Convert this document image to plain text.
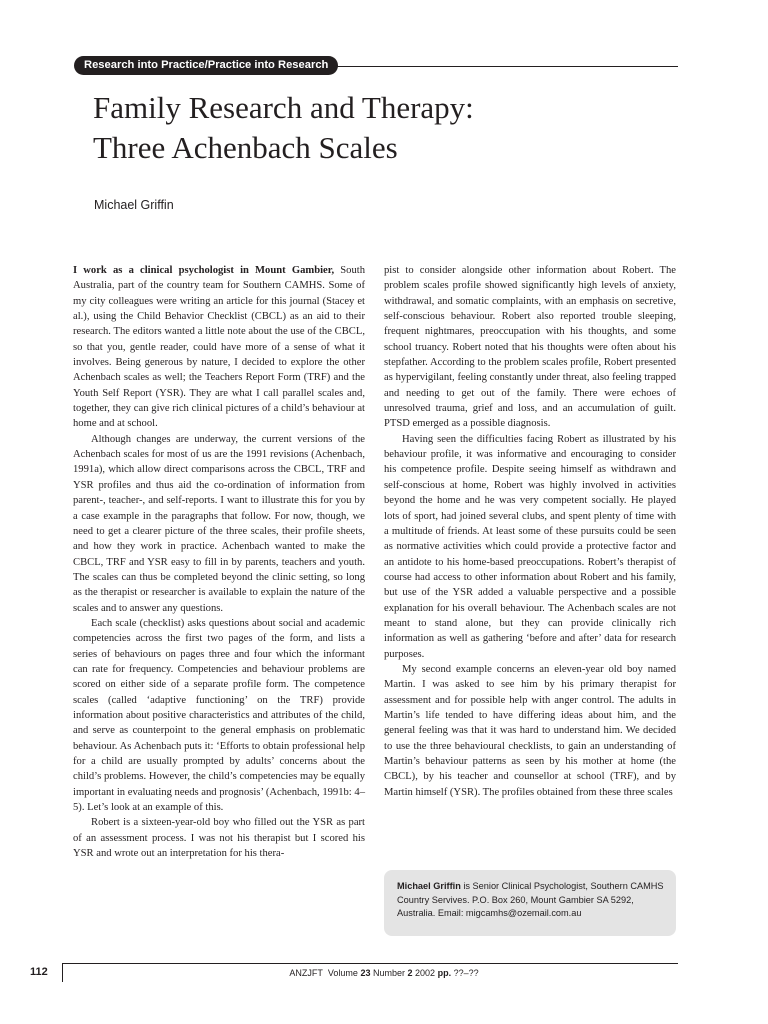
Research into Practice/Practice into Research
Family Research and Therapy:
Three Achenbach Scales
Michael Griffin

I work as a clinical psychologist in Mount Gambier, South Australia, part of the country team for Southern CAMHS. Some of my city colleagues were writing an article for this journal (Stacey et al.), using the Child Behavior Checklist (CBCL) as an aid to their research. The editors wanted a little note about the use of the CBCL, so that you, gentle reader, could have more of a sense of what it involves. Being generous by nature, I decided to explore the other Achenbach scales as well; the Teachers Report Form (TRF) and the Youth Self Report (YSR). They are what I call parallel scales and, together, they can give rich clinical pictures of a child’s behaviour at home and at school.

Although changes are underway, the current versions of the Achenbach scales for most of us are the 1991 revisions (Achenbach, 1991a), which allow direct comparisons across the CBCL, TRF and YSR profiles and thus aid the co-ordination of information from parent-, teacher-, and self-reports. I want to illustrate this for you by a case example in the paragraphs that follow. For now, though, we need to get a clearer picture of the three scales, their profile sheets, and how they work in practice. Achenbach wanted to make the CBCL, TRF and YSR easy to fill in by parents, teachers and youth. The scales can thus be completed beyond the clinic setting, so long as the therapist or researcher is available to explain the nature of the scales and to answer any questions.

Each scale (checklist) asks questions about social and academic competencies across the first two pages of the form, and lists a series of behaviours on pages three and four which the informant can rate for frequency. Competencies and behaviour problems are scored on either side of a separate profile form. The competence scales (called ‘adaptive functioning’ on the TRF) provide information about positive characteristics and attributes of the child, and serve as counterpoint to the general emphasis on problematic behaviour. As Achenbach puts it: ‘Efforts to obtain professional help for a child are usually prompted by adults’ concerns about the child’s problems. However, the child’s competencies may be equally important in evaluating needs and prognosis’ (Achenbach, 1991b: 4–5). Let’s look at an example of this.

Robert is a sixteen-year-old boy who filled out the YSR as part of an assessment process. I was not his therapist but I scored his YSR and wrote out an interpretation for his thera-

pist to consider alongside other information about Robert. The problem scales profile showed significantly high levels of anxiety, withdrawal, and somatic complaints, with an emphasis on secretive, self-conscious behaviour. Robert also reported trouble sleeping, frequent nightmares, preoccupation with his thoughts, and some school truancy. Robert noted that his thoughts were often about his stepfather. According to the problem scales profile, Robert presented as hypervigilant, feeling constantly under threat, also feeling trapped and needing to get out of the family. There were echoes of unresolved trauma, grief and loss, and an accumulation of guilt. PTSD emerged as a possible diagnosis.

Having seen the difficulties facing Robert as illustrated by his behaviour profile, it was informative and encouraging to consider his competence profile. Despite seeing himself as withdrawn and self-conscious at home, Robert was highly involved in activities beyond the home and he was very competent socially. He played lots of sport, had joined several clubs, and spent plenty of time with a multitude of friends. At least some of these pursuits could be seen as normative activities which could provide a protective factor and an antidote to his home-based preoccupations. Robert’s therapist of course had access to other information about Robert and his family, but use of the YSR added a valuable perspective and a possible explanation for his overall behaviour. The Achenbach scales are not meant to stand alone, but they can provide clinically rich information as well as gathering ‘before and after’ data for research purposes.

My second example concerns an eleven-year old boy named Martin. I was asked to see him by his primary therapist for assessment and for possible help with anger control. The adults in Martin’s life tended to have differing ideas about him, and the general feeling was that it was hard to understand him. We decided to use the three behavioural checklists, to gain an understanding of Martin’s behaviour patterns as seen by his mother at home (the CBCL), by his teacher and counsellor at school (TRF), and by Martin himself (YSR). The profiles obtained from these three scales

Michael Griffin is Senior Clinical Psychologist, Southern CAMHS Country Servives. P.O. Box 260, Mount Gambier SA 5292, Australia. Email: migcamhs@ozemail.com.au
112	ANZJFT Volume 23 Number 2 2002 pp. ??–??
